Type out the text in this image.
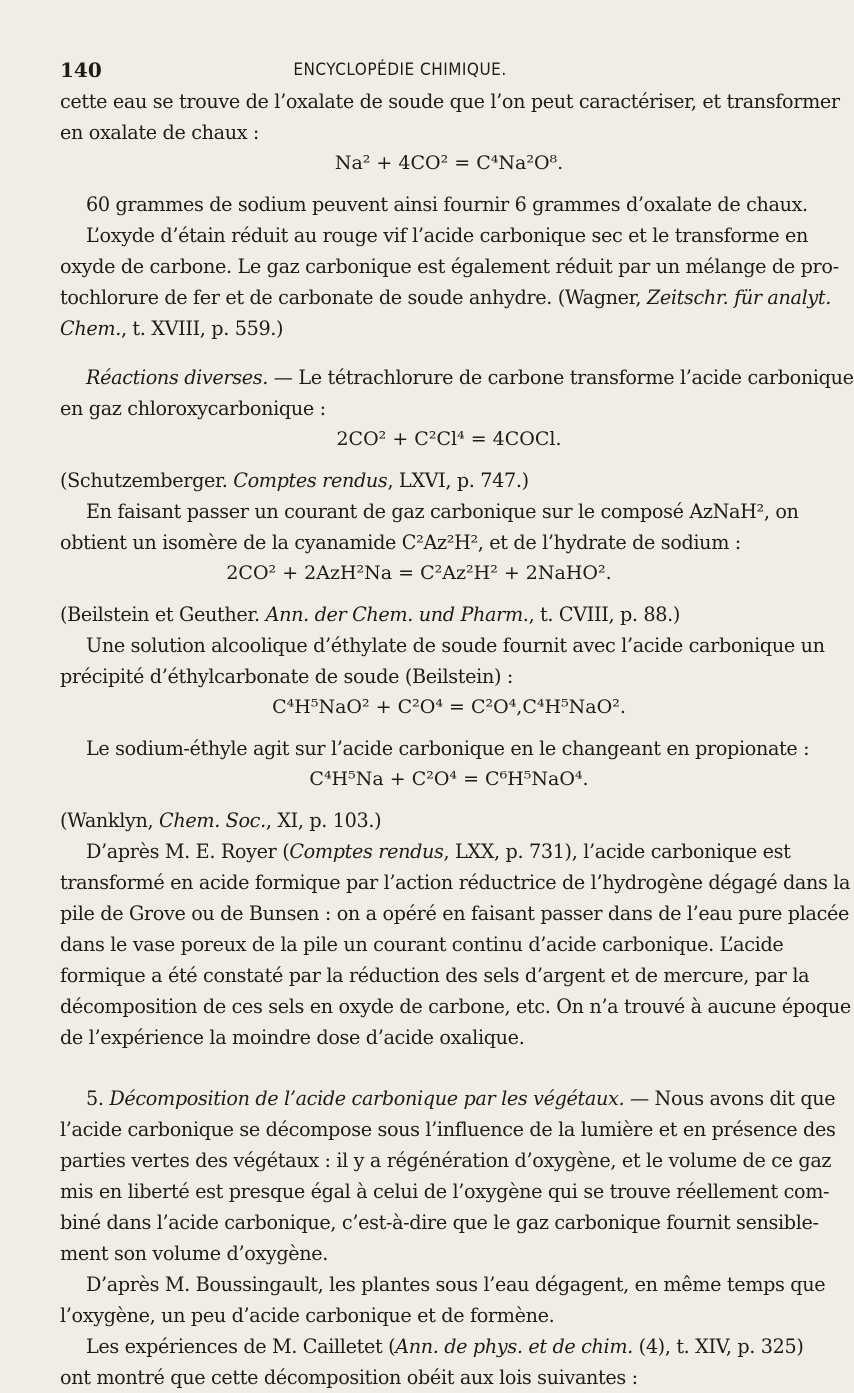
140	ENCYCLOPÉDIE CHIMIQUE.
cette eau se trouve de l’oxalate de soude que l’on peut caractériser, et transformer
en oxalate de chaux :
Na² + 4CO² = C⁴Na²O⁸.
60 grammes de sodium peuvent ainsi fournir 6 grammes d’oxalate de chaux.
L’oxyde d’étain réduit au rouge vif l’acide carbonique sec et le transforme en
oxyde de carbone. Le gaz carbonique est également réduit par un mélange de pro-
tochlorure de fer et de carbonate de soude anhydre. (Wagner, Zeitschr. für analyt.
Chem., t. XVIII, p. 559.)
Réactions diverses. — Le tétrachlorure de carbone transforme l’acide carbonique
en gaz chloroxycarbonique :
2CO² + C²Cl⁴ = 4COCl.
(Schutzemberger. Comptes rendus, LXVI, p. 747.)
En faisant passer un courant de gaz carbonique sur le composé AzNaH², on
obtient un isomère de la cyanamide C²Az²H², et de l’hydrate de sodium :
2CO² + 2AzH²Na = C²Az²H² + 2NaHO².
(Beilstein et Geuther. Ann. der Chem. und Pharm., t. CVIII, p. 88.)
Une solution alcoolique d’éthylate de soude fournit avec l’acide carbonique un
précipité d’éthylcarbonate de soude (Beilstein) :
C⁴H⁵NaO² + C²O⁴ = C²O⁴,C⁴H⁵NaO².
Le sodium-éthyle agit sur l’acide carbonique en le changeant en propionate :
C⁴H⁵Na + C²O⁴ = C⁶H⁵NaO⁴.
(Wanklyn, Chem. Soc., XI, p. 103.)
D’après M. E. Royer (Comptes rendus, LXX, p. 731), l’acide carbonique est
transformé en acide formique par l’action réductrice de l’hydrogène dégagé dans la
pile de Grove ou de Bunsen : on a opéré en faisant passer dans de l’eau pure placée
dans le vase poreux de la pile un courant continu d’acide carbonique. L’acide
formique a été constaté par la réduction des sels d’argent et de mercure, par la
décomposition de ces sels en oxyde de carbone, etc. On n’a trouvé à aucune époque
de l’expérience la moindre dose d’acide oxalique.
5. Décomposition de l’acide carbonique par les végétaux. — Nous avons dit que
l’acide carbonique se décompose sous l’influence de la lumière et en présence des
parties vertes des végétaux : il y a régénération d’oxygène, et le volume de ce gaz
mis en liberté est presque égal à celui de l’oxygène qui se trouve réellement com-
biné dans l’acide carbonique, c’est-à-dire que le gaz carbonique fournit sensible-
ment son volume d’oxygène.
D’après M. Boussingault, les plantes sous l’eau dégagent, en même temps que
l’oxygène, un peu d’acide carbonique et de formène.
Les expériences de M. Cailletet (Ann. de phys. et de chim. (4), t. XIV, p. 325)
ont montré que cette décomposition obéit aux lois suivantes :
